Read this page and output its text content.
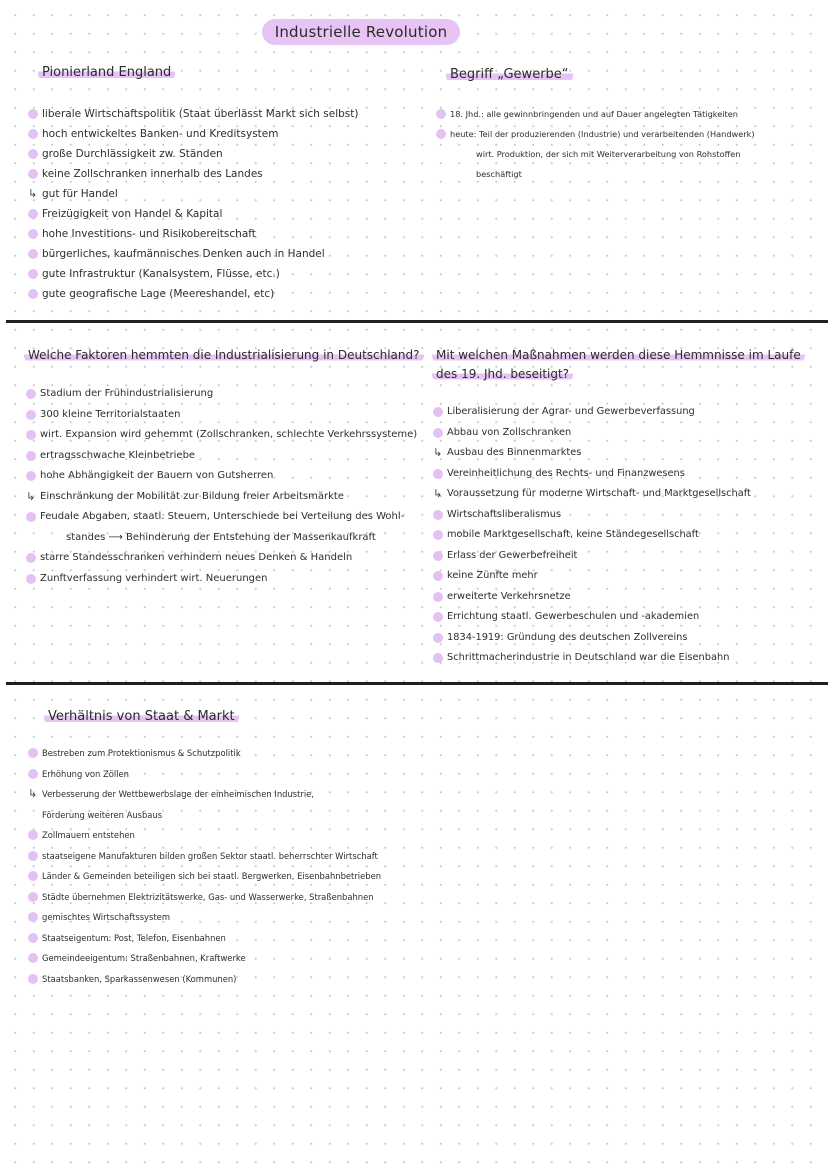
Industrielle Revolution
Pionierland England
liberale Wirtschaftspolitik (Staat überlässt Markt sich selbst)
hoch entwickeltes Banken- und Kreditsystem
große Durchlässigkeit zw. Ständen
keine Zollschranken innerhalb des Landes
↳ gut für Handel
Freizügigkeit von Handel & Kapital
hohe Investitions- und Risikobereitschaft
bürgerliches, kaufmännisches Denken auch in Handel
gute Infrastruktur (Kanalsystem, Flüsse, etc.)
gute geografische Lage (Meereshandel, etc)
Begriff „Gewerbe“
18. Jhd.: alle gewinnbringenden und auf Dauer angelegten Tätigkeiten
heute: Teil der produzierenden (Industrie) und verarbeitenden (Handwerk)
wirt. Produktion, der sich mit Weiterverarbeitung von Rohstoffen
beschäftigt
Welche Faktoren hemmten die Industrialisierung in Deutschland?
Stadium der Frühindustrialisierung
300 kleine Territorialstaaten
wirt. Expansion wird gehemmt (Zollschranken, schlechte Verkehrssysteme)
ertragsschwache Kleinbetriebe
hohe Abhängigkeit der Bauern von Gutsherren
↳ Einschränkung der Mobilität zur Bildung freier Arbeitsmärkte
Feudale Abgaben, staatl. Steuern, Unterschiede bei Verteilung des Wohl-
standes ⟶ Behinderung der Entstehung der Massenkaufkraft
starre Standesschranken verhindern neues Denken & Handeln
Zunftverfassung verhindert wirt. Neuerungen
Mit welchen Maßnahmen werden diese Hemmnisse im Laufe
des 19. Jhd. beseitigt?
Liberalisierung der Agrar- und Gewerbeverfassung
Abbau von Zollschranken
↳ Ausbau des Binnenmarktes
Vereinheitlichung des Rechts- und Finanzwesens
↳ Voraussetzung für moderne Wirtschaft- und Marktgesellschaft
Wirtschaftsliberalismus
mobile Marktgesellschaft, keine Ständegesellschaft
Erlass der Gewerbefreiheit
keine Zünfte mehr
erweiterte Verkehrsnetze
Errichtung staatl. Gewerbeschulen und -akademien
1834-1919: Gründung des deutschen Zollvereins
Schrittmacherindustrie in Deutschland war die Eisenbahn
Verhältnis von Staat & Markt
Bestreben zum Protektionismus & Schutzpolitik
Erhöhung von Zöllen
↳ Verbesserung der Wettbewerbslage der einheimischen Industrie,
Förderung weiteren Ausbaus
Zollmauern entstehen
staatseigene Manufakturen bilden großen Sektor staatl. beherrschter Wirtschaft
Länder & Gemeinden beteiligen sich bei staatl. Bergwerken, Eisenbahnbetrieben
Städte übernehmen Elektrizitätswerke, Gas- und Wasserwerke, Straßenbahnen
gemischtes Wirtschaftssystem
Staatseigentum: Post, Telefon, Eisenbahnen
Gemeindeeigentum: Straßenbahnen, Kraftwerke
Staatsbanken, Sparkassenwesen (Kommunen)
